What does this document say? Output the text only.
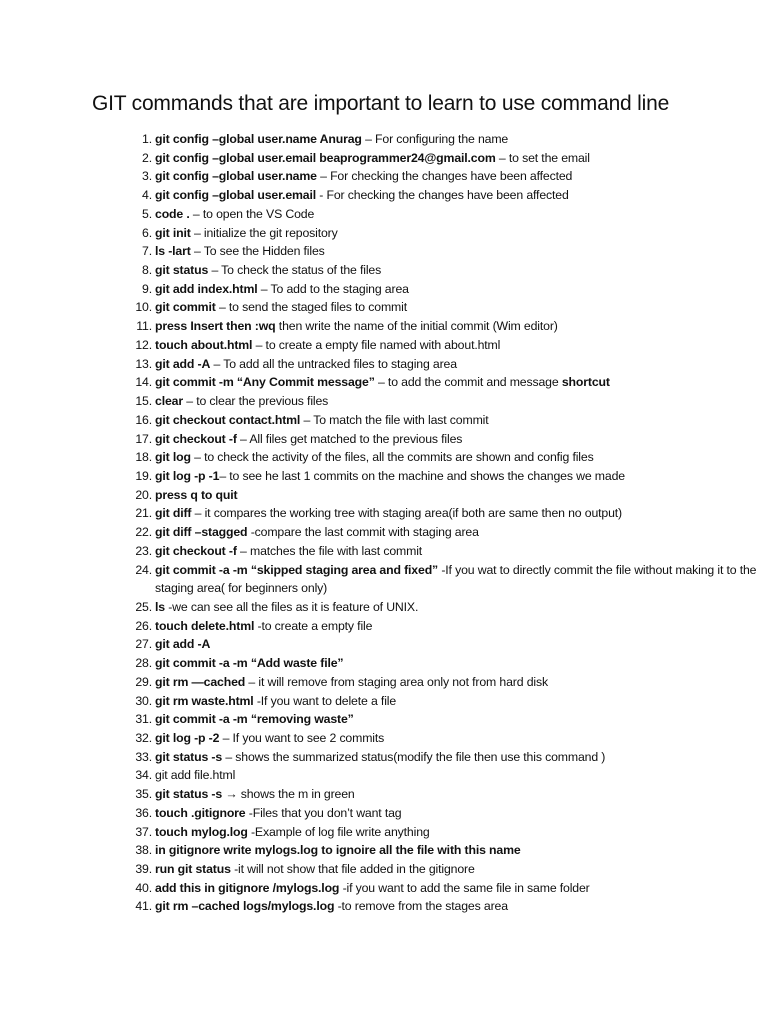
GIT commands that are important to learn to use command line
1. git config –global user.name Anurag – For configuring the name
2. git config –global user.email beaprogrammer24@gmail.com – to set the email
3. git config –global user.name – For checking the changes have been affected
4. git config –global user.email - For checking the changes have been affected
5. code . – to open the VS Code
6. git init – initialize the git repository
7. ls -lart – To see the Hidden files
8. git status – To check the status of the files
9. git add index.html – To add to the staging area
10. git commit – to send the staged files to commit
11. press Insert then :wq then write the name of the initial commit (Wim editor)
12. touch about.html – to create a empty file named with about.html
13. git add -A – To add all the untracked files to staging area
14. git commit -m “Any Commit message” – to add the commit and message shortcut
15. clear – to clear the previous files
16. git checkout contact.html – To match the file with last commit
17. git checkout -f – All files get matched to the previous files
18. git log – to check the activity of the files, all the commits are shown and config files
19. git log -p -1– to see he last 1 commits on the machine and shows the changes we made
20. press q to quit
21. git diff – it compares the working tree with staging area(if both are same then no output)
22. git diff –stagged -compare the last commit with staging area
23. git checkout -f – matches the file with last commit
24. git commit -a -m “skipped staging area and fixed” -If you wat to directly commit the file without making it to the staging area( for beginners only)
25. ls -we can see all the files as it is feature of UNIX.
26. touch delete.html -to create a empty file
27. git add -A
28. git commit -a -m “Add waste file”
29. git rm —cached – it will remove from staging area only not from hard disk
30. git rm waste.html -If you want to delete a file
31. git commit -a -m “removing waste”
32. git log -p -2 – If you want to see 2 commits
33. git status -s – shows the summarized status(modify the file then use this command )
34. git add file.html
35. git status -s → shows the m in green
36. touch .gitignore -Files that you don’t want tag
37. touch mylog.log -Example of log file write anything
38. in gitignore write mylogs.log to ignoire all the file with this name
39. run git status -it will not show that file added in the gitignore
40. add this in gitignore /mylogs.log -if you want to add the same file in same folder
41. git rm –cached logs/mylogs.log -to remove from the stages area
